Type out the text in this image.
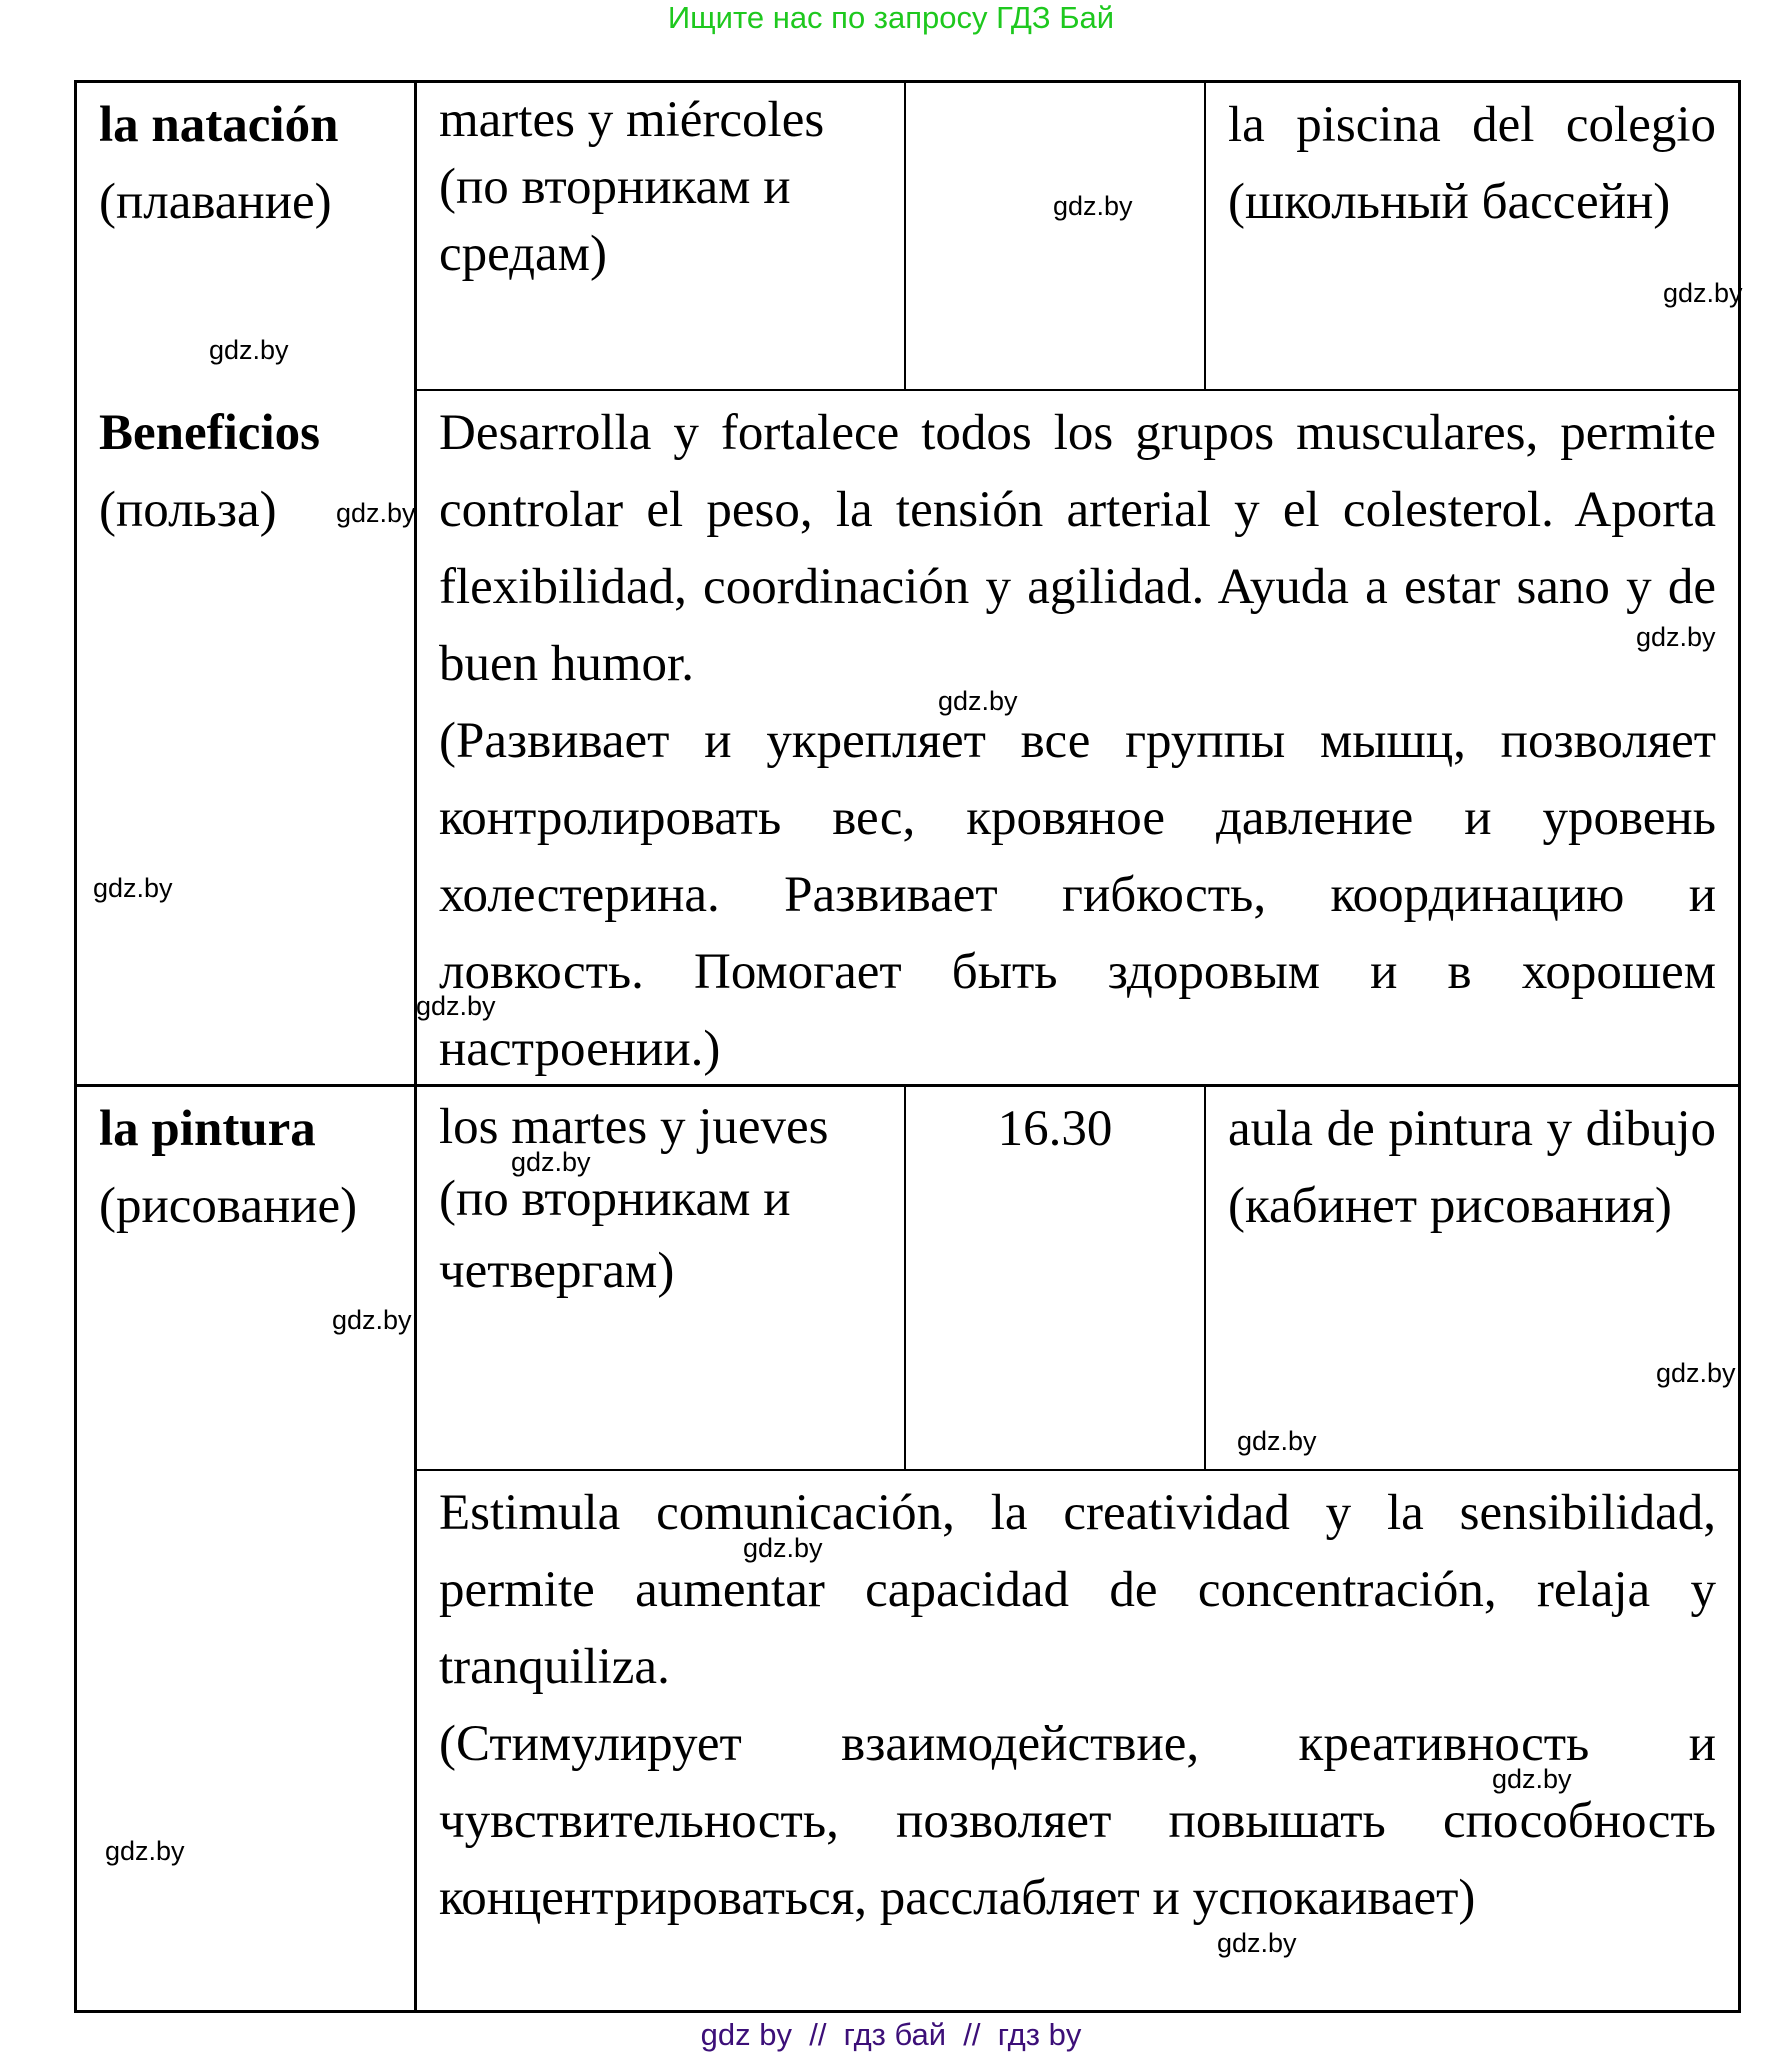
Ищите нас по запросу ГДЗ Бай
la natación
(плавание)
martes y miércoles (по вторникам и средам)
la piscina del colegio (школьный бассейн)
Beneficios
(польза)
Desarrolla y fortalece todos los grupos musculares, permite controlar el peso, la tensión arterial y el colesterol. Aporta flexibilidad, coordinación y agilidad. Ayuda a estar sano y de buen humor.
(Развивает и укрепляет все группы мышц, позволяет контролировать вес, кровяное давление и уровень холестерина. Развивает гибкость, координацию и ловкость. Помогает быть здоровым и в хорошем настроении.)
la pintura
(рисование)
los martes y jueves (по вторникам и четвергам)
16.30	aula de pintura y dibujo (кабинет рисования)
Estimula comunicación, la creatividad y la sensibilidad, permite aumentar capacidad de concentración, relaja y tranquiliza.
(Стимулирует взаимодействие, креативность и чувствительность, позволяет повышать способность концентрироваться, расслабляет и успокаивает)
gdz.by
gdz.by
gdz.by
gdz.by
gdz.by
gdz.by
gdz.by
gdz.by
gdz.by
gdz.by
gdz.by
gdz.by
gdz.by
gdz.by
gdz.by
gdz.by
gdz by  //  гдз бай  //  гдз by
